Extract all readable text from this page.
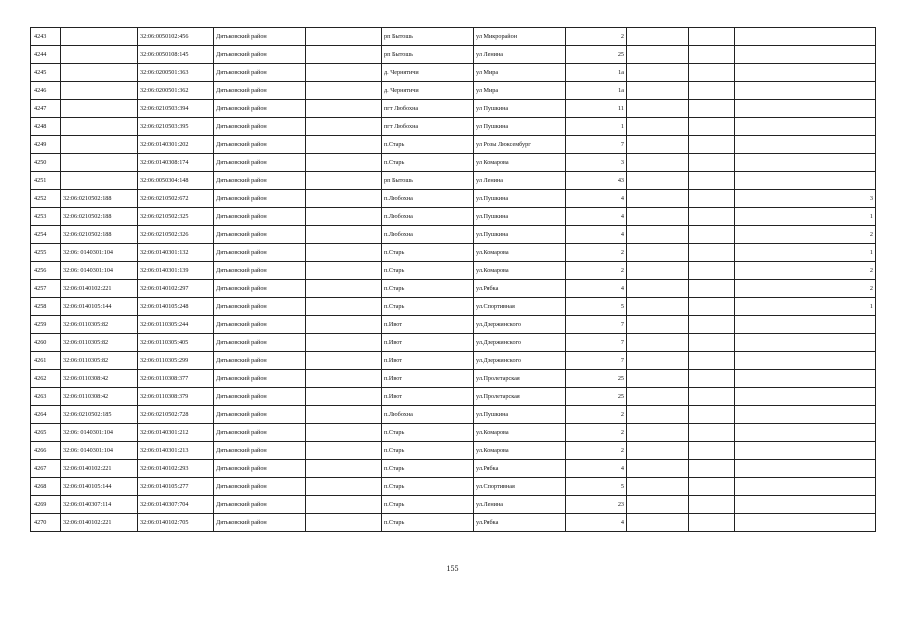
4243		32:06:0050102:456	Дятьковский район		рп Бытошь	ул Микрорайон	2			
4244		32:06:0050108:145	Дятьковский район		рп Бытошь	ул Ленина	25			
4245		32:06:0200501:363	Дятьковский район		д. Чернятичи	ул Мира	1а			
4246		32:06:0200501:362	Дятьковский район		д. Чернятичи	ул Мира	1а			
4247		32:06:0210503:394	Дятьковский район		пгт Любохна	ул Пушкина	11			
4248		32:06:0210503:395	Дятьковский район		пгт Любохна	ул Пушкина	1			
4249		32:06:0140301:202	Дятьковский район		п.Старь	ул Розы Люксембург	7			
4250		32:06:0140308:174	Дятьковский район		п.Старь	ул Комарова	3			
4251		32:06:0050304:148	Дятьковский район		рп Бытошь	ул Ленина	43			
4252	32:06:0210502:188	32:06:0210502:672	Дятьковский район		п.Любохна	ул.Пушкина	4			3
4253	32:06:0210502:188	32:06:0210502:325	Дятьковский район		п.Любохна	ул.Пушкина	4			1
4254	32:06:0210502:188	32:06:0210502:326	Дятьковский район		п.Любохна	ул.Пушкина	4			2
4255	32:06: 0140301:104	32:06:0140301:132	Дятьковский район		п.Старь	ул.Комарова	2			1
4256	32:06: 0140301:104	32:06:0140301:139	Дятьковский район		п.Старь	ул.Комарова	2			2
4257	32:06:0140102:221	32:06:0140102:297	Дятьковский район		п.Старь	ул.Рябка	4			2
4258	32:06:0140105:144	32:06:0140105:248	Дятьковский район		п.Старь	ул.Спортивная	5			1
4259	32:06:0110305:82	32:06:0110305:244	Дятьковский район		п.Ивот	ул.Дзержинского	7			
4260	32:06:0110305:82	32:06:0110305:405	Дятьковский район		п.Ивот	ул.Дзержинского	7			
4261	32:06:0110305:82	32:06:0110305:299	Дятьковский район		п.Ивот	ул.Дзержинского	7			
4262	32:06:0110308:42	32:06:0110308:377	Дятьковский район		п.Ивот	ул.Пролетарская	25			
4263	32:06:0110308:42	32:06:0110308:379	Дятьковский район		п.Ивот	ул.Пролетарская	25			
4264	32:06:0210502:185	32:06:0210502:728	Дятьковский район		п.Любохна	ул.Пушкина	2			
4265	32:06: 0140301:104	32:06:0140301:212	Дятьковский район		п.Старь	ул.Комарова	2			
4266	32:06: 0140301:104	32:06:0140301:213	Дятьковский район		п.Старь	ул.Комарова	2			
4267	32:06:0140102:221	32:06:0140102:293	Дятьковский район		п.Старь	ул.Рябка	4			
4268	32:06:0140105:144	32:06:0140105:277	Дятьковский район		п.Старь	ул.Спортивная	5			
4269	32:06:0140307:114	32:06:0140307:704	Дятьковский район		п.Старь	ул.Ленина	23			
4270	32:06:0140102:221	32:06:0140102:705	Дятьковский район		п.Старь	ул.Рябка	4			
155
